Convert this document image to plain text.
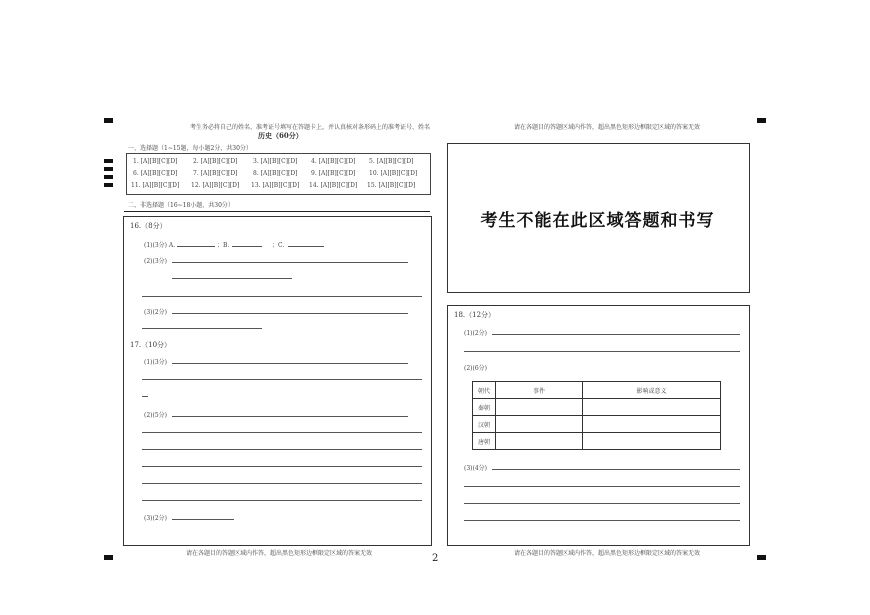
考生务必将自己的姓名、准考证号填写在答题卡上，并认真核对条形码上的准考证号、姓名
历史（60分）
一、选择题（1~15题，每小题2分，共30分）
1. [A][B][C][D]	2. [A][B][C][D]	3. [A][B][C][D] 4. [A][B][C][D] 5. [A][B][C][D]
6. [A][B][C][D]	7. [A][B][C][D]	8. [A][B][C][D] 9. [A][B][C][D] 10. [A][B][C][D]
11. [A][B][C][D] 12. [A][B][C][D] 13. [A][B][C][D] 14. [A][B][C][D] 15. [A][B][C][D]
二、非选择题（16~18小题，共30分）
16.（8分）
(1)(3分) A.	；B.	；C.
(2)(3分)
(3)(2分)
17.（10分）
(1)(3分)
(2)(5分)
(3)(2分)
请在各题目的答题区域内作答，超出黑色矩形边框限定区域的答案无效
请在各题目的答题区域内作答，超出黑色矩形边框限定区域的答案无效
考生不能在此区域答题和书写
18.（12分）
(1)(2分)
(2)(6分)
朝代	事件	影响或意义
秦朝		
汉朝		
唐朝		
(3)(4分)
请在各题目的答题区域内作答，超出黑色矩形边框限定区域的答案无效
2
